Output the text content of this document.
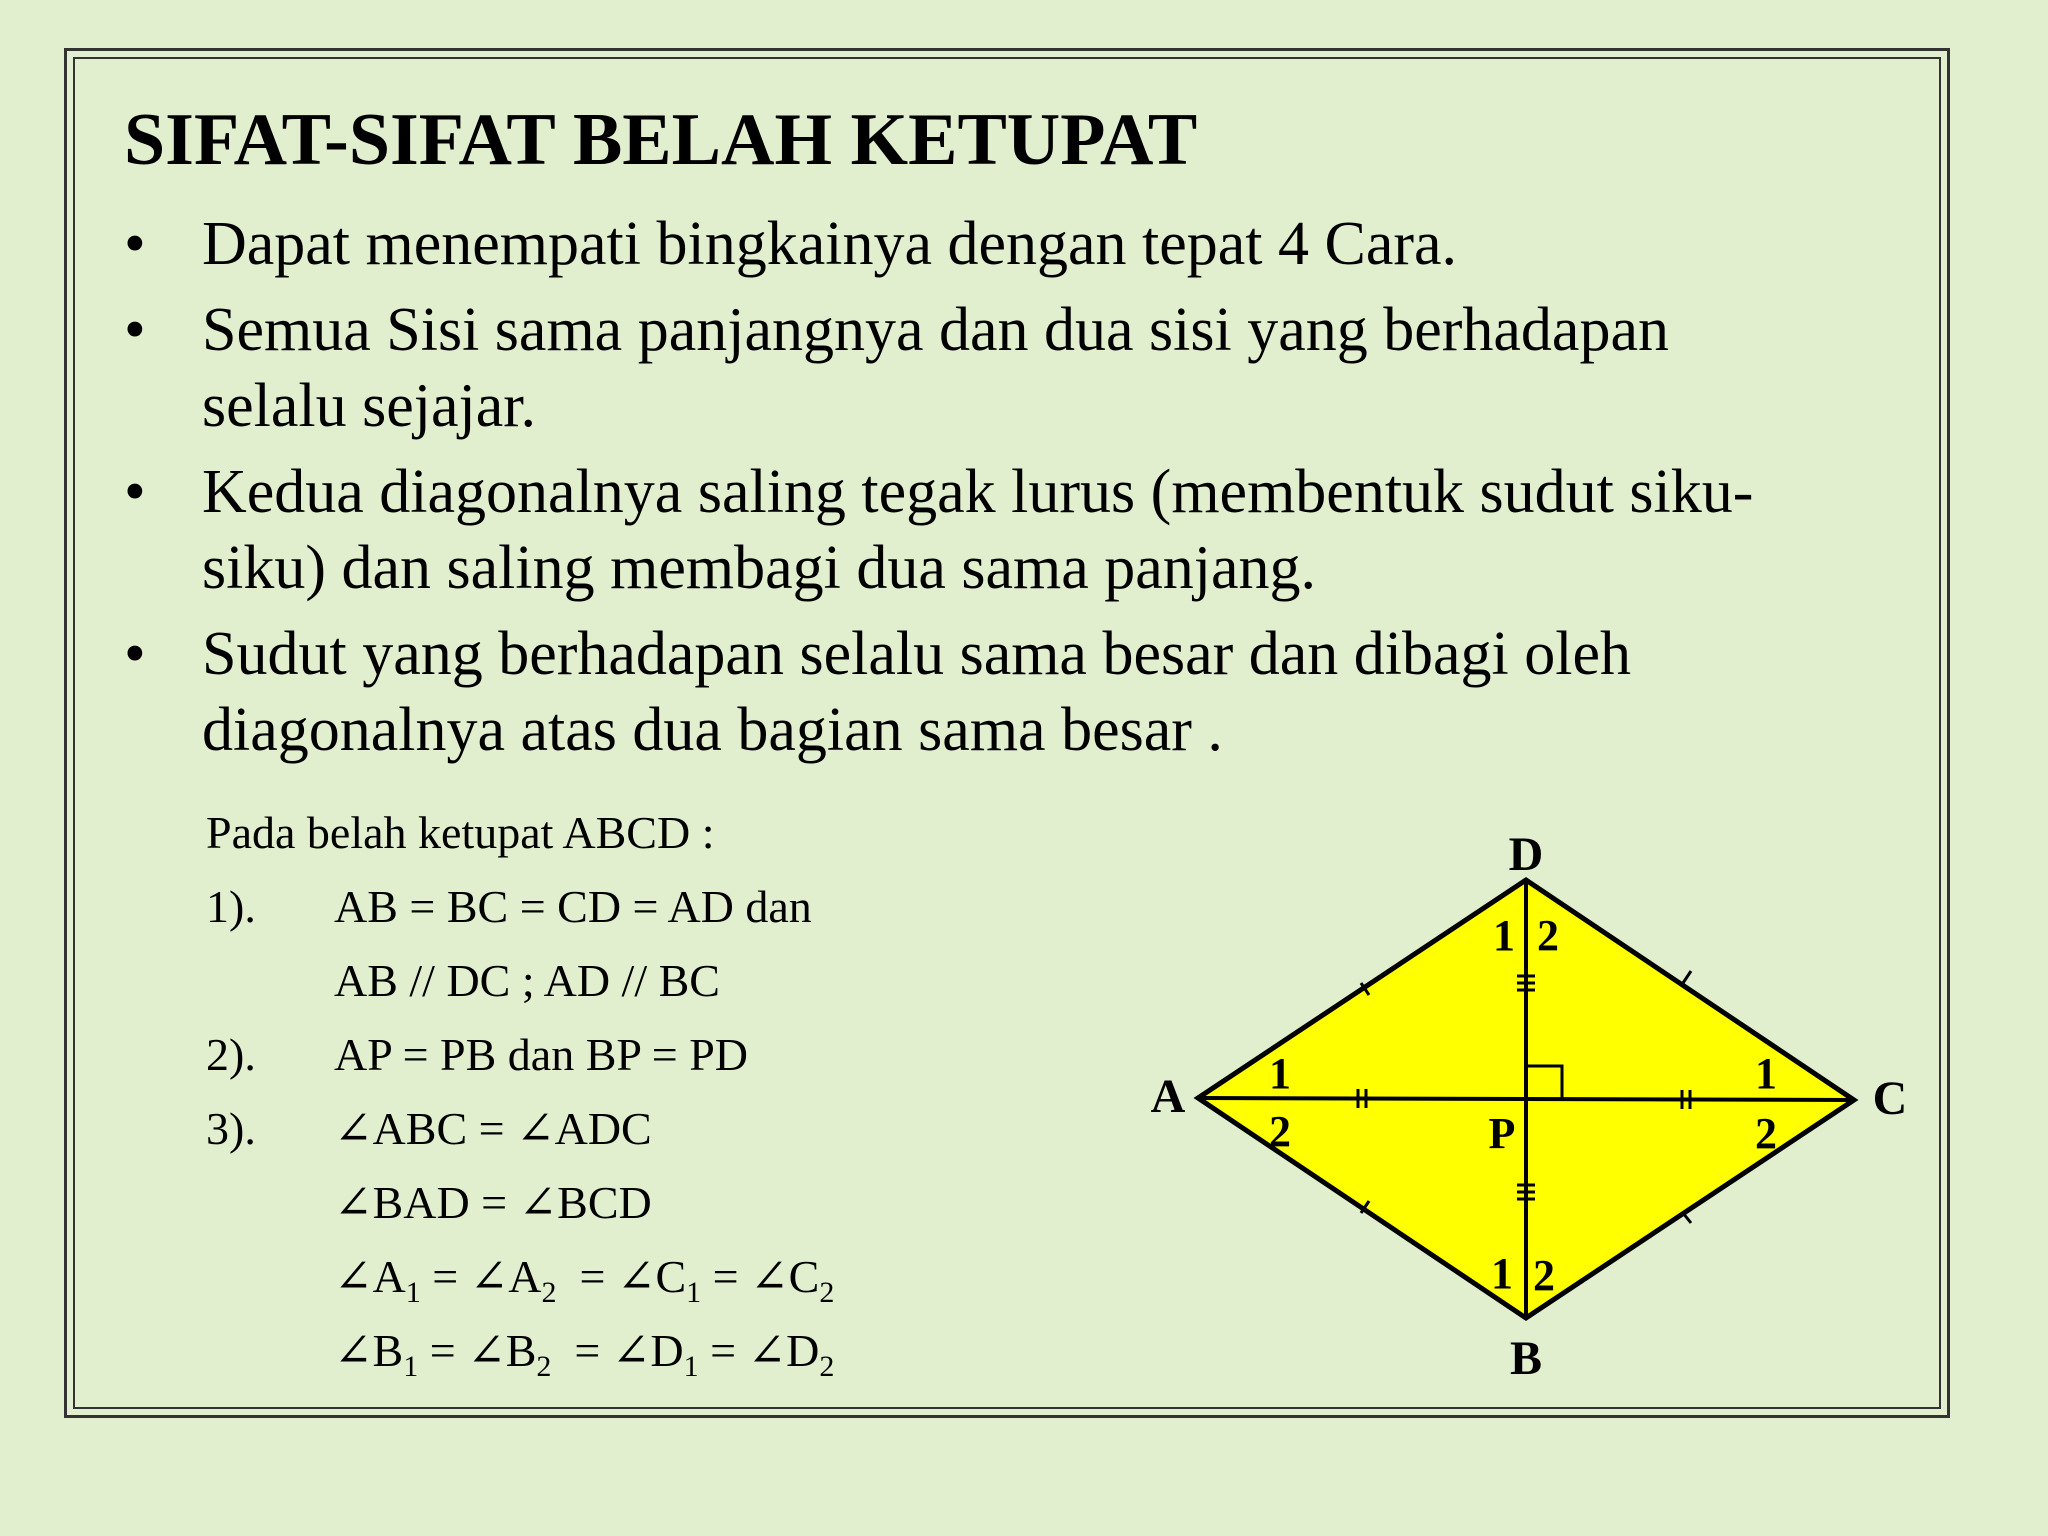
SIFAT-SIFAT BELAH KETUPAT
• Dapat menempati bingkainya dengan tepat 4 Cara.
• Semua Sisi sama panjangnya dan dua sisi yang berhadapan
selalu sejajar.
• Kedua diagonalnya saling tegak lurus (membentuk sudut siku-
siku) dan saling membagi dua sama panjang.
• Sudut yang berhadapan selalu sama besar dan dibagi oleh
diagonalnya atas dua bagian sama besar .
Pada belah ketupat ABCD :
1). AB = BC = CD = AD dan
AB // DC ; AD // BC
2). AP = PB dan BP = PD
3). ∠ABC = ∠ADC
∠BAD = ∠BCD
$\angle A_1$ = $\angle A_2$  = $\angle C_1$ = $\angle C_2$
$\angle B_1$ = $\angle B_2$  = $\angle D_1$ = $\angle D_2$
D
A	C
B
P
1 2
1
2
1
2
1 2
